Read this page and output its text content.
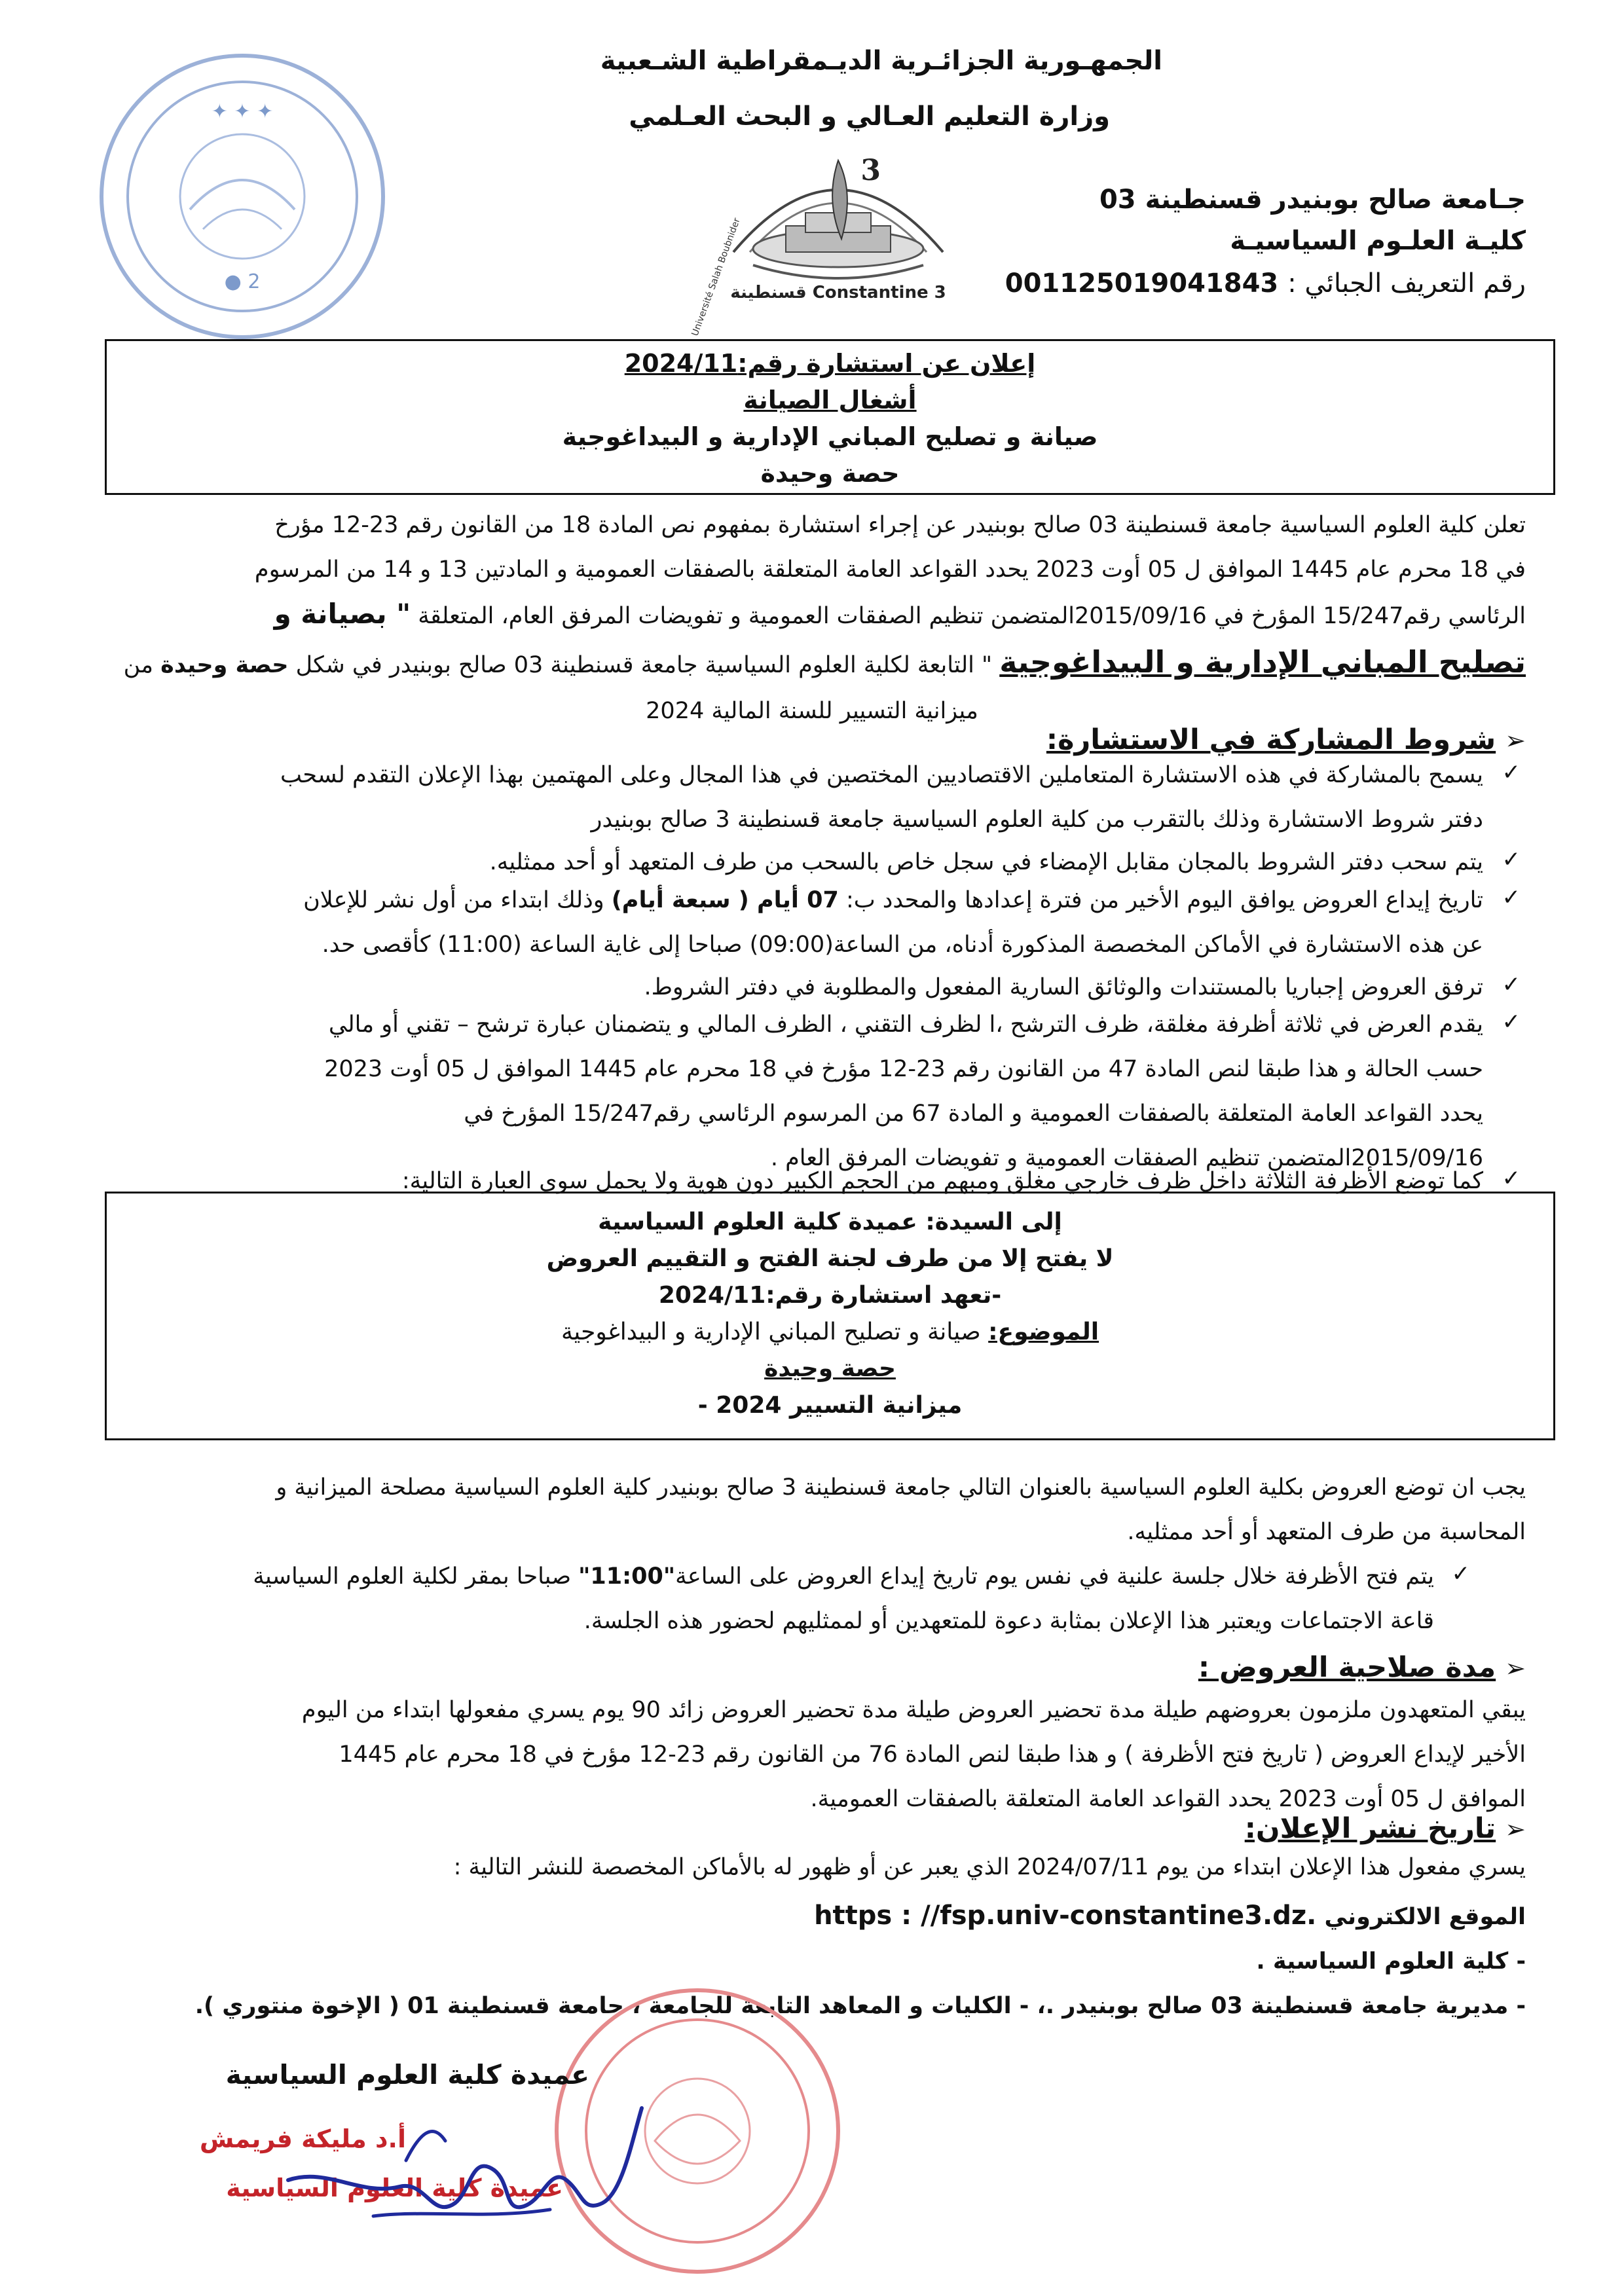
✦ ✦ ✦
2 ●
3
Constantine 3 قسنطينة
Université Salah Boubnider
الجمهـورية الجزائـرية الديـمقراطية الشـعبية
وزارة التعليم العـالي و البحث العـلمي
جـامعة صالح بوبنيدر قسنطينة 03
كليـة العلـوم السياسيـة
رقم التعريف الجبائي : 001125019041843
إعلان عن استشارة رقم:2024/11
أشغال الصيانة
صيانة و تصليح المباني الإدارية و البيداغوجية
حصة وحيدة
تعلن كلية العلوم السياسية جامعة قسنطينة 03 صالح بوبنيدر عن إجراء استشارة بمفهوم نص المادة 18 من القانون رقم 23-12 مؤرخ
في 18 محرم عام 1445 الموافق ل 05 أوت 2023 يحدد القواعد العامة المتعلقة بالصفقات العمومية و المادتين 13 و 14 من المرسوم
الرئاسي رقم15/247 المؤرخ في 2015/09/16المتضمن تنظيم الصفقات العمومية و تفويضات المرفق العام، المتعلقة " بصيانة و
تصليح المباني الإدارية و البيداغوجية " التابعة لكلية العلوم السياسية جامعة قسنطينة 03 صالح بوبنيدر في شكل حصة وحيدة من
ميزانية التسيير للسنة المالية 2024
➢شروط المشاركة في الاستشارة:
✓
يسمح بالمشاركة في هذه الاستشارة المتعاملين الاقتصاديين المختصين في هذا المجال وعلى المهتمين بهذا الإعلان التقدم لسحب
دفتر شروط الاستشارة وذلك بالتقرب من كلية العلوم السياسية جامعة قسنطينة 3 صالح بوبنيدر
✓
يتم سحب دفتر الشروط بالمجان مقابل الإمضاء في سجل خاص بالسحب من طرف المتعهد أو أحد ممثليه.
✓
تاريخ إيداع العروض يوافق اليوم الأخير من فترة إعدادها والمحدد ب: 07 أيام ( سبعة أيام) وذلك ابتداء من أول نشر للإعلان
عن هذه الاستشارة في الأماكن المخصصة المذكورة أدناه، من الساعة(09:00) صباحا إلى غاية الساعة (11:00) كأقصى حد.
✓
ترفق العروض إجباريا بالمستندات والوثائق السارية المفعول والمطلوبة في دفتر الشروط.
✓
يقدم العرض في ثلاثة أظرفة مغلقة، ظرف الترشح ،ا لظرف التقني ، الظرف المالي و يتضمنان عبارة ترشح – تقني أو مالي
حسب الحالة و هذا طبقا لنص المادة 47 من القانون رقم 23-12 مؤرخ في 18 محرم عام 1445 الموافق ل 05 أوت 2023
يحدد القواعد العامة المتعلقة بالصفقات العمومية و المادة 67 من المرسوم الرئاسي رقم15/247 المؤرخ في
2015/09/16المتضمن تنظيم الصفقات العمومية و تفويضات المرفق العام .
✓
كما توضع الأظرفة الثلاثة داخل ظرف خارجي مغلق ومبهم من الحجم الكبير دون هوية ولا يحمل سوى العبارة التالية:
إلى السيدة: عميدة كلية العلوم السياسية
لا يفتح إلا من طرف لجنة الفتح و التقييم العروض
-تعهد استشارة رقم:2024/11
الموضوع: صيانة و تصليح المباني الإدارية و البيداغوجية
حصة وحيدة
ميزانية التسيير 2024 -
يجب ان توضع العروض بكلية العلوم السياسية بالعنوان التالي جامعة قسنطينة 3 صالح بوبنيدر كلية العلوم السياسية مصلحة الميزانية و
المحاسبة من طرف المتعهد أو أحد ممثليه.
✓
يتم فتح الأظرفة خلال جلسة علنية في نفس يوم تاريخ إيداع العروض على الساعة"11:00" صباحا بمقر لكلية العلوم السياسية
قاعة الاجتماعات ويعتبر هذا الإعلان بمثابة دعوة للمتعهدين أو لممثليهم لحضور هذه الجلسة.
➢مدة صلاحية العروض :
يبقي المتعهدون ملزمون بعروضهم طيلة مدة تحضير العروض طيلة مدة تحضير العروض زائد 90 يوم يسري مفعولها ابتداء من اليوم
الأخير لإيداع العروض ( تاريخ فتح الأظرفة ) و هذا طبقا لنص المادة 76 من القانون رقم 23-12 مؤرخ في 18 محرم عام 1445
الموافق ل 05 أوت 2023 يحدد القواعد العامة المتعلقة بالصفقات العمومية.
➢تاريخ نشر الإعلان:
يسري مفعول هذا الإعلان ابتداء من يوم 2024/07/11 الذي يعبر عن أو ظهور له بالأماكن المخصصة للنشر التالية :
الموقع الالكتروني https : //fsp.univ-constantine3.dz.
- كلية العلوم السياسية .
- مديرية جامعة قسنطينة 03 صالح بوبنيدر .، - الكليات و المعاهد التابعة للجامعة ، جامعة قسنطينة 01 ( الإخوة منتوري ).
عميدة كلية العلوم السياسية
أ.د مليكة فريمش
عميدة كلية العلوم السياسية
